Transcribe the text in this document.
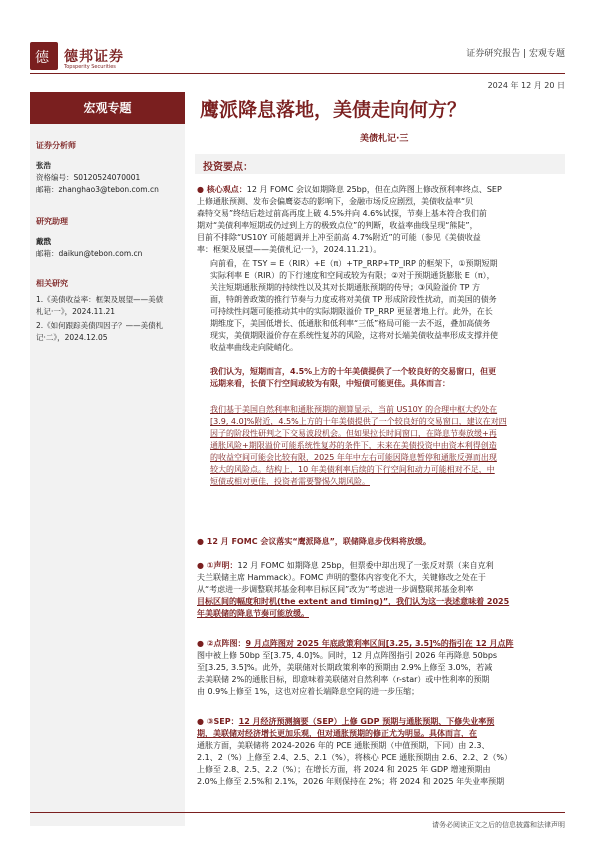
德 德邦证券
Topsperity Securities
证券研究报告 | 宏观专题
2024 年 12 月 20 日
宏观专题
证券分析师
张浩
资格编号：S0120524070001
邮箱：zhanghao3@tebon.com.cn
研究助理
戴戬
邮箱：daikun@tebon.com.cn
相关研究
1.《美债收益率：框架及展望——美债
札记·一》，2024.11.21
2.《如何跟踪美债四因子？——美债札
记·二》，2024.12.05
鹰派降息落地，美债走向何方？
美债札记·三
投资要点：
● 核心观点：12 月 FOMC 会议如期降息 25bp，但在点阵图上修改预利率终点、SEP
上修通胀预测、发布会偏鹰姿态的影响下，金融市场反应剧烈，美债收益率“贝
森特交易”终结后趁过前高再度上破 4.5%并向 4.6%试探，节奏上基本符合我们前
期对“美债利率短期或仍过到上方的极致点位”的判断，收益率曲线呈现“熊陡”，
目前不排除“US10Y 可能超调并上冲至前高 4.7%附近”的可能（参见《美债收益
率：框架及展望——美债札记·一》，2024.11.21）。
向前看，在 TSY = E（RIR）+E（π）+TP_RRP+TP_IRP 的框架下，①预期短期
实际利率 E（RIR）的下行速度和空间或较为有限；②对于预期通货膨胀 E（π），
关注短期通胀预期的持续性以及其对长期通胀预期的传导；③风险溢价 TP 方
面，特朗普政策的推行节奏与力度或将对美债 TP 形成阶段性扰动，而美国的债务
可持续性问题可能推动其中的实际期限溢价 TP_RRP 更显著地上行。此外，在长
期维度下，美国低增长、低通胀和低利率“三低”格局可能一去不返，叠加高债务
现实，美债期限溢价存在系统性复苏的风险，这将对长端美债收益率形成支撑并使
收益率曲线走向陡峭化。
我们认为，短期而言，4.5%上方的十年美债提供了一个较良好的交易窗口，但更
远期来看，长债下行空间或较为有限，中短债可能更佳。具体而言：
我们基于美国自然利率和通胀预期的测算显示，当前 US10Y 的合理中枢大约处在
[3.9, 4.0]%附近，4.5%上方的十年美债提供了一个较良好的交易窗口，建议在对四
因子的阶段性研判之下交易波段机会。但如果拉长时间窗口，在降息节奏放缓+再
通胀风险+期限溢价可能系统性复苏的条件下，未来在美债投资中由资本利得创造
的收益空间可能会比较有限，2025 年年中左右可能因降息暂停和通胀反弹而出现
较大的风险点。结构上，10 年美债利率后续的下行空间和动力可能相对不足，中
短债或相对更佳，投资者需要警惕久期风险。
● 12 月 FOMC 会议落实“鹰派降息”，联储降息步伐料将放缓。
● ①声明：12 月 FOMC 如期降息 25bp，但票委中却出现了一张反对票（来自克利
夫兰联储主席 Hammack）。FOMC 声明的整体内容变化不大，关键修改之处在于
从“考虑进一步调整联邦基金利率目标区间”改为“考虑进一步调整联邦基金利率
目标区间的幅度和时机(the extent and timing)”，我们认为这一表述意味着 2025
年美联储的降息节奏可能放缓。
● ②点阵图：9 月点阵图对 2025 年底政策利率区间[3.25, 3.5]%的指引在 12 月点阵
图中被上修 50bp 至[3.75, 4.0]%。同时，12 月点阵图指引 2026 年再降息 50bps
至[3.25, 3.5]%。此外，美联储对长期政策利率的预期由 2.9%上修至 3.0%，若减
去美联储 2%的通胀目标，即意味着美联储对自然利率（r-star）或中性利率的预期
由 0.9%上修至 1%，这也对应着长端降息空间的进一步压缩；
● ③SEP：12 月经济预测摘要（SEP）上修 GDP 预期与通胀预期、下修失业率预
期，美联储对经济增长更加乐观，但对通胀预期的修正尤为明显。具体而言，在
通胀方面，美联储将 2024-2026 年的 PCE 通胀预期（中值预期，下同）由 2.3、
2.1、2（%）上修至 2.4、2.5、2.1（%），将核心 PCE 通胀预期由 2.6、2.2、2（%）
上修至 2.8、2.5、2.2（%）；在增长方面，将 2024 和 2025 年 GDP 增速预期由
2.0%上修至 2.5%和 2.1%，2026 年则保持在 2%；将 2024 和 2025 年失业率预期
请务必阅读正文之后的信息披露和法律声明
